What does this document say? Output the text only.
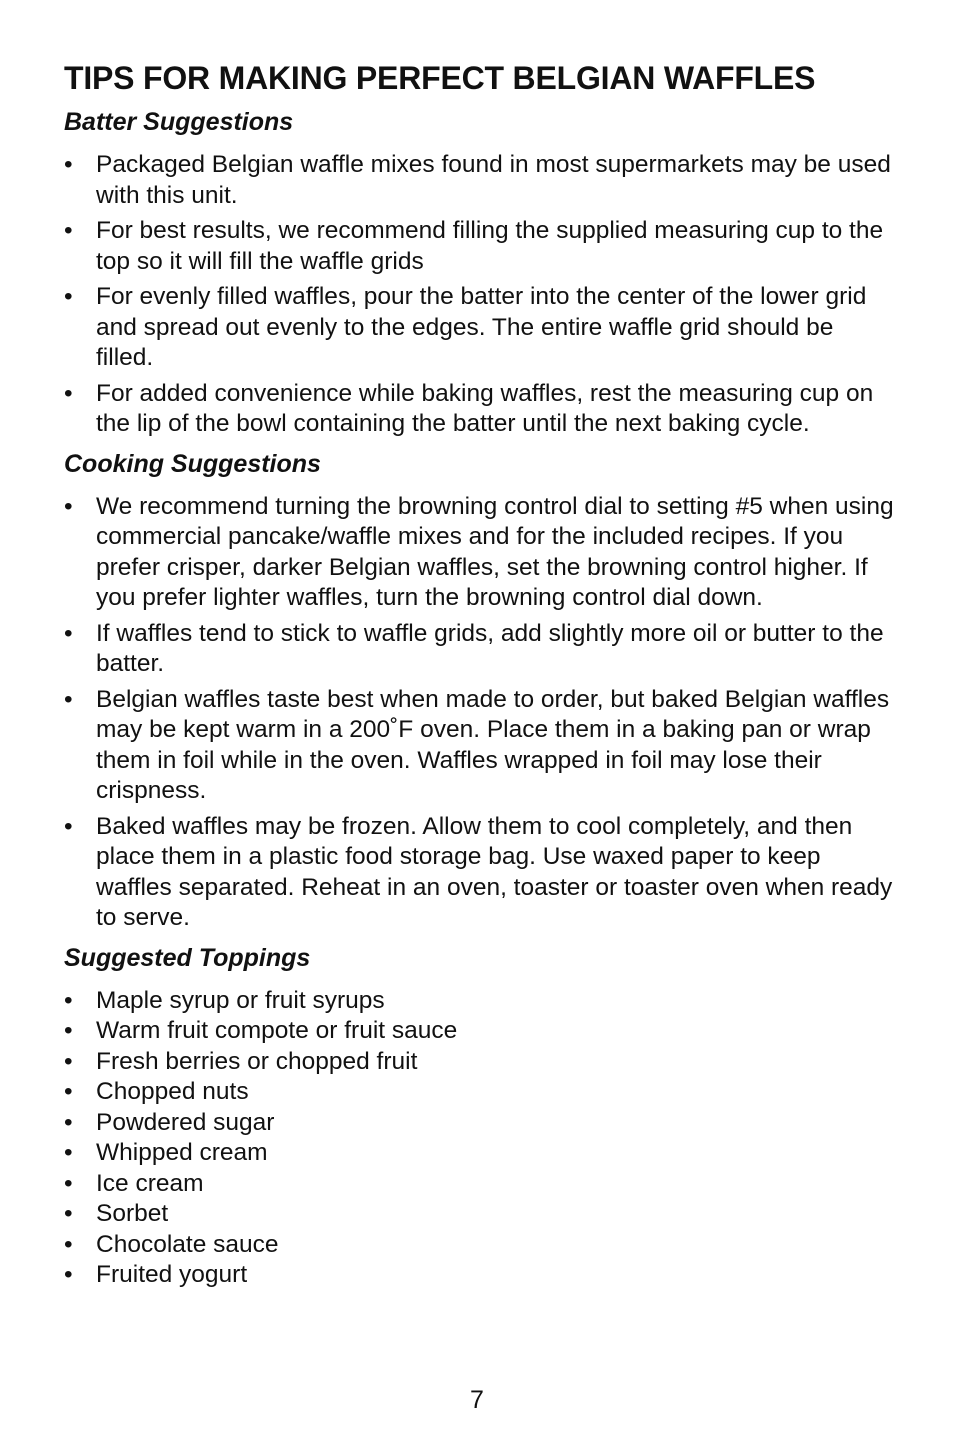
TIPS FOR MAKING PERFECT BELGIAN WAFFLES
Batter Suggestions
• Packaged Belgian waffle mixes found in most supermarkets may be used with this unit.
• For best results, we recommend filling the supplied measuring cup to the top so it will fill the waffle grids
• For evenly filled waffles, pour the batter into the center of the lower grid and spread out evenly to the edges. The entire waffle grid should be filled.
• For added convenience while baking waffles, rest the measuring cup on the lip of the bowl containing the batter until the next baking cycle.
Cooking Suggestions
• We recommend turning the browning control dial to setting #5 when using commercial pancake/waffle mixes and for the included recipes. If you prefer crisper, darker Belgian waffles, set the browning control higher. If you prefer lighter waffles, turn the browning control dial down.
• If waffles tend to stick to waffle grids, add slightly more oil or butter to the batter.
• Belgian waffles taste best when made to order, but baked Belgian waffles may be kept warm in a 200˚F oven. Place them in a baking pan or wrap them in foil while in the oven. Waffles wrapped in foil may lose their crispness.
• Baked waffles may be frozen. Allow them to cool completely, and then place them in a plastic food storage bag. Use waxed paper to keep waffles separated. Reheat in an oven, toaster or toaster oven when ready to serve.
Suggested Toppings
• Maple syrup or fruit syrups
• Warm fruit compote or fruit sauce
• Fresh berries or chopped fruit
• Chopped nuts
• Powdered sugar
• Whipped cream
• Ice cream
• Sorbet
• Chocolate sauce
• Fruited yogurt
7
